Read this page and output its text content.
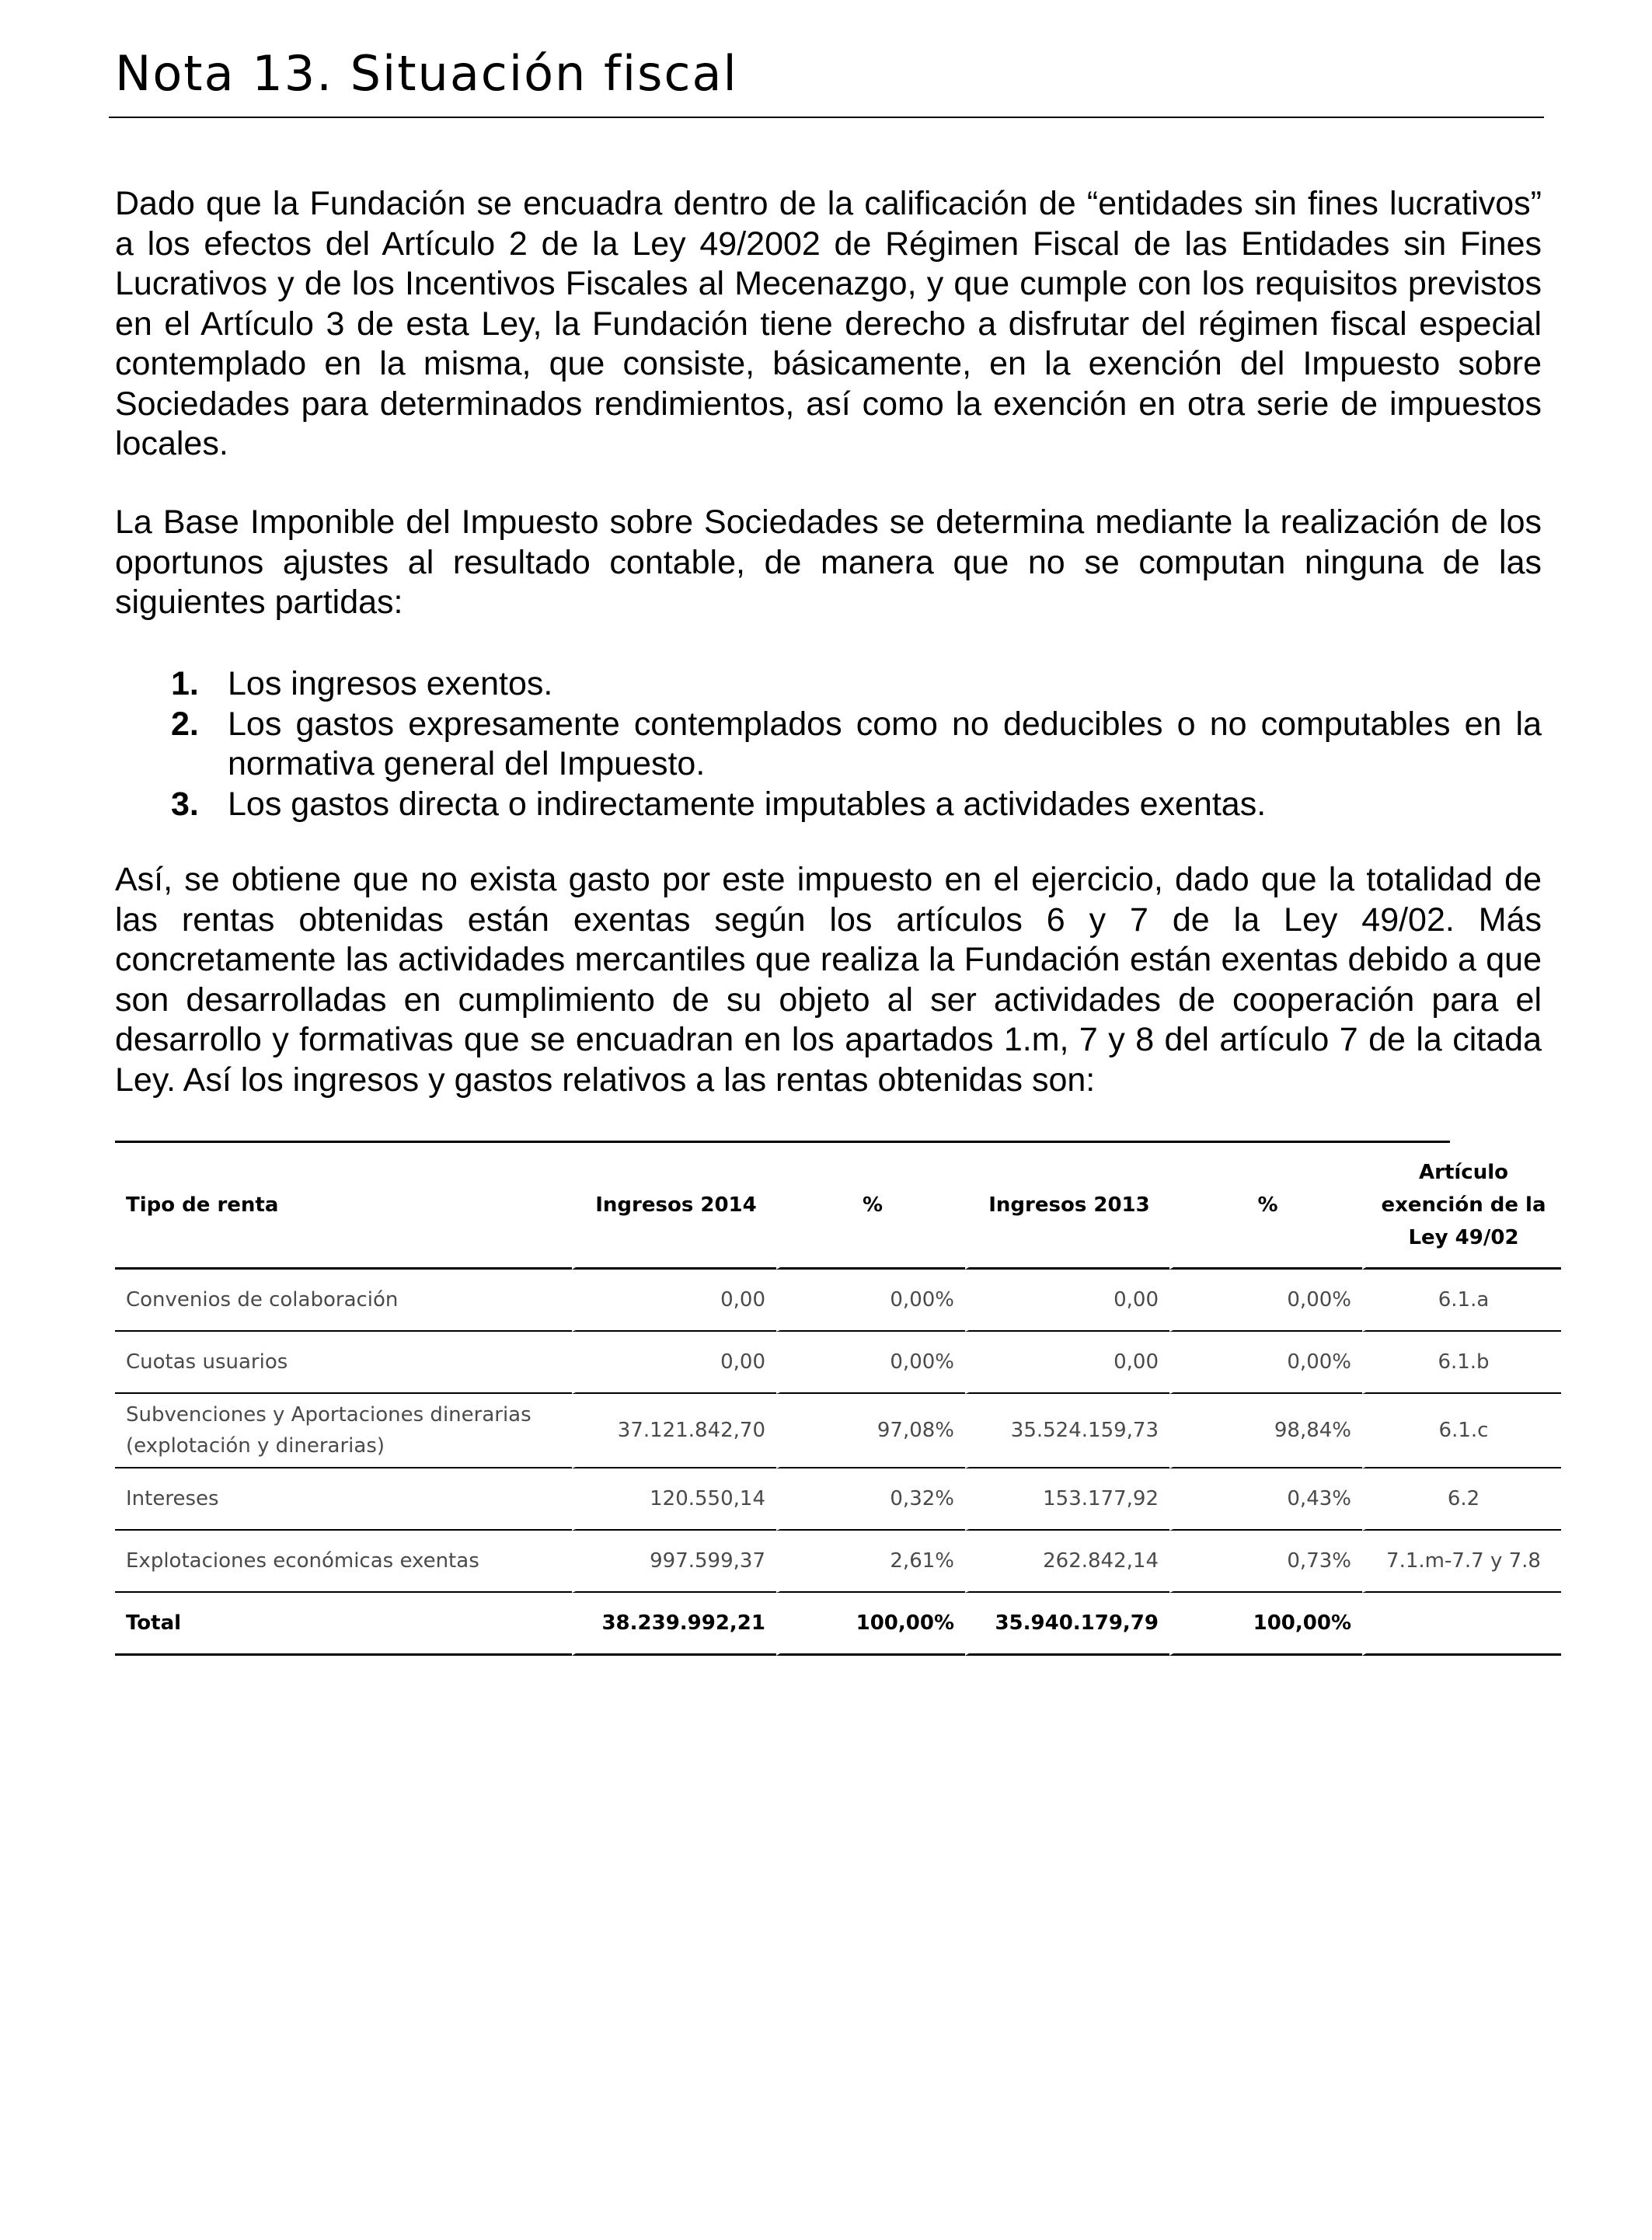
Nota 13. Situación fiscal

Dado que la Fundación se encuadra dentro de la calificación de “entidades sin fines lucrativos” a los efectos del Artículo 2 de la Ley 49/2002 de Régimen Fiscal de las Entidades sin Fines Lucrativos y de los Incentivos Fiscales al Mecenazgo, y que cumple con los requisitos previstos en el Artículo 3 de esta Ley, la Fundación tiene derecho a disfrutar del régimen fiscal especial contemplado en la misma, que consiste, básicamente, en la exención del Impuesto sobre Sociedades para determinados rendimientos, así como la exención en otra serie de impuestos locales.

La Base Imponible del Impuesto sobre Sociedades se determina mediante la realización de los oportunos ajustes al resultado contable, de manera que no se computan ninguna de las siguientes partidas:

1. Los ingresos exentos.
2. Los gastos expresamente contemplados como no deducibles o no computables en la normativa general del Impuesto.
3. Los gastos directa o indirectamente imputables a actividades exentas.

Así, se obtiene que no exista gasto por este impuesto en el ejercicio, dado que la totalidad de las rentas obtenidas están exentas según los artículos 6 y 7 de la Ley 49/02. Más concretamente las actividades mercantiles que realiza la Fundación están exentas debido a que son desarrolladas en cumplimiento de su objeto al ser actividades de cooperación para el desarrollo y formativas que se encuadran en los apartados 1.m, 7 y 8 del artículo 7 de la citada Ley. Así los ingresos y gastos relativos a las rentas obtenidas son:

Tipo de renta	Ingresos 2014	%	Ingresos 2013	%	Artículo exención de la Ley 49/02
Convenios de colaboración	0,00	0,00%	0,00	0,00%	6.1.a
Cuotas usuarios	0,00	0,00%	0,00	0,00%	6.1.b
Subvenciones y Aportaciones dinerarias (explotación y dinerarias)	37.121.842,70	97,08%	35.524.159,73	98,84%	6.1.c
Intereses	120.550,14	0,32%	153.177,92	0,43%	6.2
Explotaciones económicas exentas	997.599,37	2,61%	262.842,14	0,73%	7.1.m-7.7 y 7.8
Total	38.239.992,21	100,00%	35.940.179,79	100,00%	
